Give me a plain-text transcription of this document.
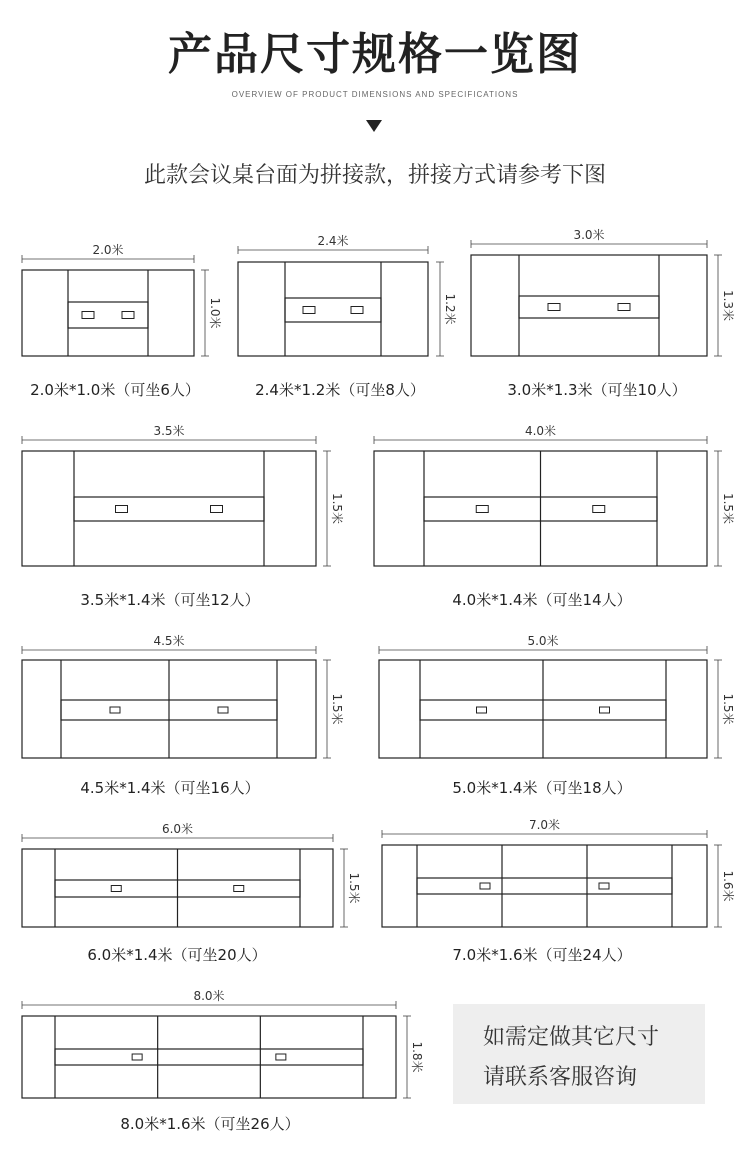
产品尺寸规格一览图
OVERVIEW OF PRODUCT DIMENSIONS AND SPECIFICATIONS
此款会议桌台面为拼接款，拼接方式请参考下图
2.0米
1.0米
2.0米*1.0米（可坐6人）
2.4米
1.2米
2.4米*1.2米（可坐8人）
3.0米
1.3米
3.0米*1.3米（可坐10人）
3.5米
1.5米
3.5米*1.4米（可坐12人）
4.0米
1.5米
4.0米*1.4米（可坐14人）
4.5米
1.5米
4.5米*1.4米（可坐16人）
5.0米
1.5米
5.0米*1.4米（可坐18人）
6.0米
1.5米
6.0米*1.4米（可坐20人）
7.0米
1.6米
7.0米*1.6米（可坐24人）
8.0米
1.8米
8.0米*1.6米（可坐26人）
如需定做其它尺寸
请联系客服咨询
